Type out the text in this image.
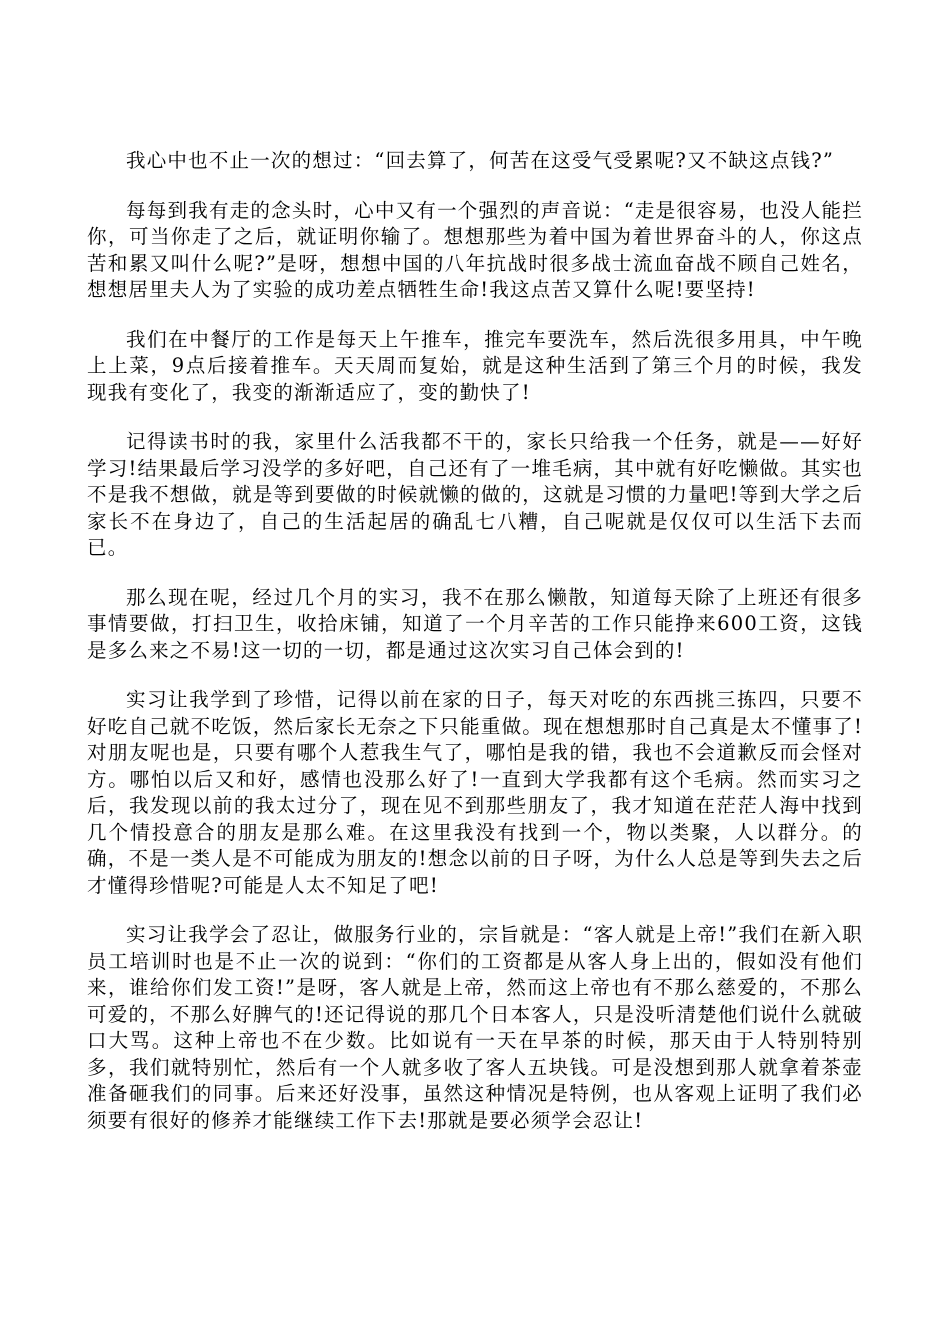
我心中也不止一次的想过：“回去算了，何苦在这受气受累呢?又不缺这点钱?”

每每到我有走的念头时，心中又有一个强烈的声音说：“走是很容易，也没人能拦你，可当你走了之后，就证明你输了。想想那些为着中国为着世界奋斗的人，你这点苦和累又叫什么呢?”是呀，想想中国的八年抗战时很多战士流血奋战不顾自己姓名，想想居里夫人为了实验的成功差点牺牲生命!我这点苦又算什么呢!要坚持!

我们在中餐厅的工作是每天上午推车，推完车要洗车，然后洗很多用具，中午晚上上菜，9点后接着推车。天天周而复始，就是这种生活到了第三个月的时候，我发现我有变化了，我变的渐渐适应了，变的勤快了!

记得读书时的我，家里什么活我都不干的，家长只给我一个任务，就是——好好学习!结果最后学习没学的多好吧，自己还有了一堆毛病，其中就有好吃懒做。其实也不是我不想做，就是等到要做的时候就懒的做的，这就是习惯的力量吧!等到大学之后家长不在身边了，自己的生活起居的确乱七八糟，自己呢就是仅仅可以生活下去而已。

那么现在呢，经过几个月的实习，我不在那么懒散，知道每天除了上班还有很多事情要做，打扫卫生，收拾床铺，知道了一个月辛苦的工作只能挣来600工资，这钱是多么来之不易!这一切的一切，都是通过这次实习自己体会到的!

实习让我学到了珍惜，记得以前在家的日子，每天对吃的东西挑三拣四，只要不好吃自己就不吃饭，然后家长无奈之下只能重做。现在想想那时自己真是太不懂事了!对朋友呢也是，只要有哪个人惹我生气了，哪怕是我的错，我也不会道歉反而会怪对方。哪怕以后又和好，感情也没那么好了!一直到大学我都有这个毛病。然而实习之后，我发现以前的我太过分了，现在见不到那些朋友了，我才知道在茫茫人海中找到几个情投意合的朋友是那么难。在这里我没有找到一个，物以类聚，人以群分。的确，不是一类人是不可能成为朋友的!想念以前的日子呀，为什么人总是等到失去之后才懂得珍惜呢?可能是人太不知足了吧!

实习让我学会了忍让，做服务行业的，宗旨就是：“客人就是上帝!”我们在新入职员工培训时也是不止一次的说到：“你们的工资都是从客人身上出的，假如没有他们来，谁给你们发工资!”是呀，客人就是上帝，然而这上帝也有不那么慈爱的，不那么可爱的，不那么好脾气的!还记得说的那几个日本客人，只是没听清楚他们说什么就破口大骂。这种上帝也不在少数。比如说有一天在早茶的时候，那天由于人特别特别多，我们就特别忙，然后有一个人就多收了客人五块钱。可是没想到那人就拿着茶壶准备砸我们的同事。后来还好没事，虽然这种情况是特例，也从客观上证明了我们必须要有很好的修养才能继续工作下去!那就是要必须学会忍让!
